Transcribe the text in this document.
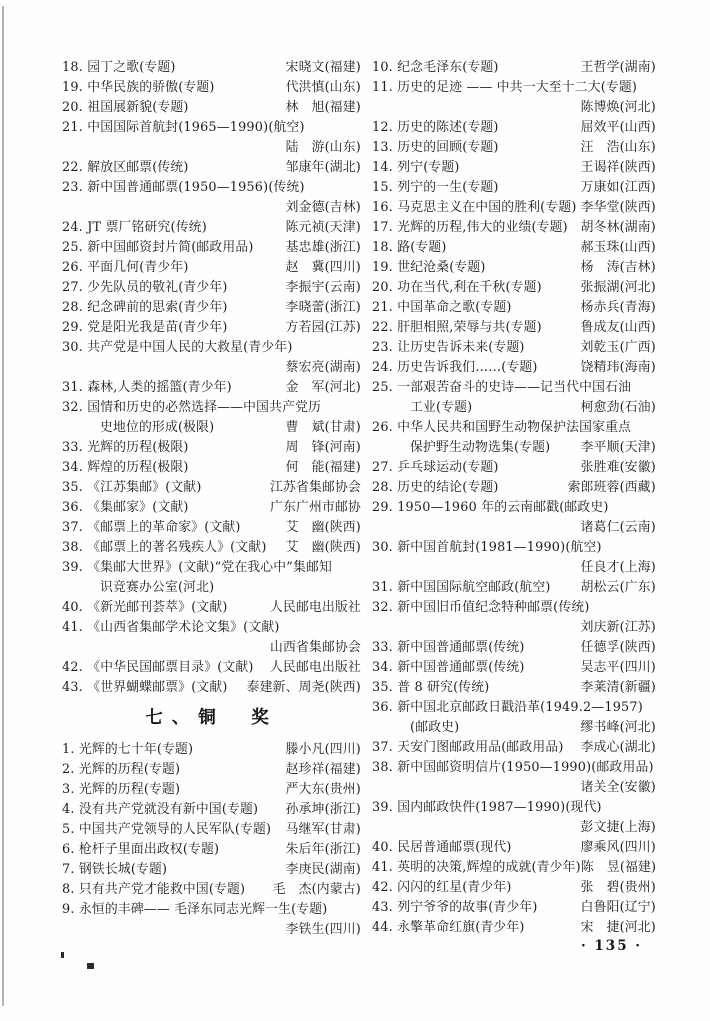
18. 园丁之歌(专题)	宋晓文(福建)
19. 中华民族的骄傲(专题)	代洪慎(山东)
20. 祖国展新貌(专题)	林　旭(福建)
21. 中国国际首航封(1965—1990)(航空)
陆　游(山东)
22. 解放区邮票(传统)	邹康年(湖北)
23. 新中国普通邮票(1950—1956)(传统)
刘金德(吉林)
24. JT 票厂铭研究(传统)	陈元祯(天津)
25. 新中国邮资封片简(邮政用品)	基忠雄(浙江)
26. 平面几何(青少年)	赵　冀(四川)
27. 少先队员的敬礼(青少年)	李振宇(云南)
28. 纪念碑前的思索(青少年)	李晓蕾(浙江)
29. 党是阳光我是苗(青少年)	方若园(江苏)
30. 共产党是中国人民的大救星(青少年)
蔡宏亮(湖南)
31. 森林,人类的摇篮(青少年)	金　军(河北)
32. 国情和历史的必然选择——中国共产党历
史地位的形成(极限)	曹　斌(甘肃)
33. 光辉的历程(极限)	周　锋(河南)
34. 辉煌的历程(极限)	何　能(福建)
35. 《江苏集邮》(文献)	江苏省集邮协会
36. 《集邮家》(文献)	广东广州市邮协
37. 《邮票上的革命家》(文献)	艾　幽(陕西)
38. 《邮票上的著名残疾人》(文献) 艾　幽(陕西)
39. 《集邮大世界》(文献)“党在我心中”集邮知
识竞赛办公室(河北)
40. 《新光邮刊荟萃》(文献)	人民邮电出版社
41. 《山西省集邮学术论文集》(文献)
山西省集邮协会
42. 《中华民国邮票目录》(文献) 人民邮电出版社
43. 《世界蝴蝶邮票》(文献) 泰建新、周尧(陕西)
七、铜　奖
1. 光辉的七十年(专题)	滕小凡(四川)
2. 光辉的历程(专题)	赵珍祥(福建)
3. 光辉的历程(专题)	严大东(贵州)
4. 没有共产党就没有新中国(专题) 孙承坤(浙江)
5. 中国共产党领导的人民军队(专题) 马继军(甘肃)
6. 枪杆子里面出政权(专题)	朱后年(浙江)
7. 钢铁长城(专题)	李庚民(湖南)
8. 只有共产党才能救中国(专题) 毛　杰(内蒙古)
9. 永恒的丰碑—— 毛泽东同志光辉一生(专题)
李铁生(四川)
10. 纪念毛泽东(专题)	王哲学(湖南)
11. 历史的足迹 —— 中共一大至十二大(专题)
陈博焕(河北)
12. 历史的陈述(专题)	屈效平(山西)
13. 历史的回顾(专题)	汪　浩(山东)
14. 列宁(专题)	王谒祥(陕西)
15. 列宁的一生(专题)	万康如(江西)
16. 马克思主义在中国的胜利(专题) 李华堂(陕西)
17. 光辉的历程,伟大的业绩(专题) 胡冬林(湖南)
18. 路(专题)	郝玉珠(山西)
19. 世纪沧桑(专题)	杨　涛(吉林)
20. 功在当代,利在千秋(专题)	张振湖(河北)
21. 中国革命之歌(专题)	杨赤兵(青海)
22. 肝胆相照,荣辱与共(专题)	鲁成友(山西)
23. 让历史告诉未来(专题)	刘乾玉(广西)
24. 历史告诉我们……(专题)	饶精玮(海南)
25. 一部艰苦奋斗的史诗——记当代中国石油
工业(专题)	柯愈劲(石油)
26. 中华人民共和国野生动物保护法国家重点
保护野生动物选集(专题) 李平顺(天津)
27. 乒乓球运动(专题)	张胜难(安徽)
28. 历史的结论(专题)	索郎班蓉(西藏)
29. 1950—1960 年的云南邮戳(邮政史)
诸葛仁(云南)
30. 新中国首航封(1981—1990)(航空)
任良才(上海)
31. 新中国国际航空邮政(航空) 胡松云(广东)
32. 新中国旧币值纪念特种邮票(传统)
刘庆新(江苏)
33. 新中国普通邮票(传统)	任德孚(陕西)
34. 新中国普通邮票(传统)	吴志平(四川)
35. 普 8 研究(传统)	李莱清(新疆)
36. 新中国北京邮政日戳沿革(1949.2—1957)
(邮政史)	缪书峰(河北)
37. 天安门图邮政用品(邮政用品) 李成心(湖北)
38. 新中国邮资明信片(1950—1990)(邮政用品)
诸关全(安徽)
39. 国内邮政快件(1987—1990)(现代)
彭文捷(上海)
40. 民居普通邮票(现代)	廖乘风(四川)
41. 英明的决策,辉煌的成就(青少年) 陈　昱(福建)
42. 闪闪的红星(青少年)	张　碧(贵州)
43. 列宁爷爷的故事(青少年)	白鲁阳(辽宁)
44. 永擎革命红旗(青少年)	宋　捷(河北)
· 135 ·
